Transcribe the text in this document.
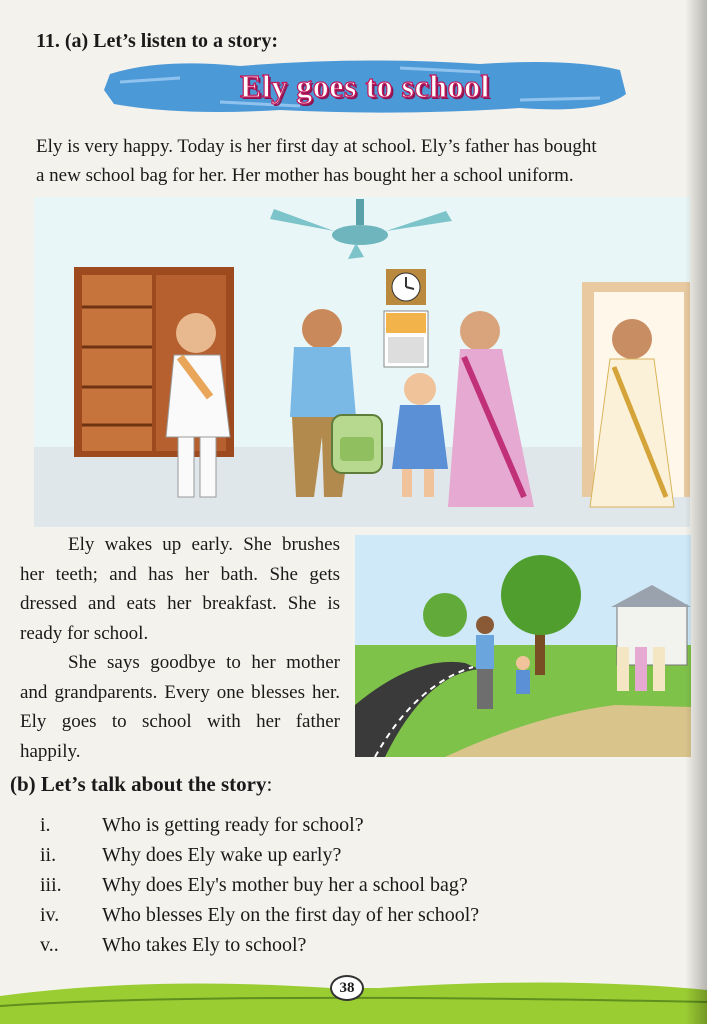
11. (a) Let’s listen to a story:
Ely goes to school
Ely is very happy. Today is her first day at school. Ely’s father has bought
a new school bag for her. Her mother has bought her a school uniform.

Ely wakes up early. She brushes her teeth; and has her bath. She gets dressed and eats her breakfast. She is ready for school.

She says goodbye to her mother and grandparents. Every one blesses her. Ely goes to school with her father happily.

(b) Let’s talk about the story:
i.	Who is getting ready for school?
ii.	Why does Ely wake up early?
iii.	Why does Ely's mother buy her a school bag?
iv.	Who blesses Ely on the first day of her school?
v..	Who takes Ely to school?
38
